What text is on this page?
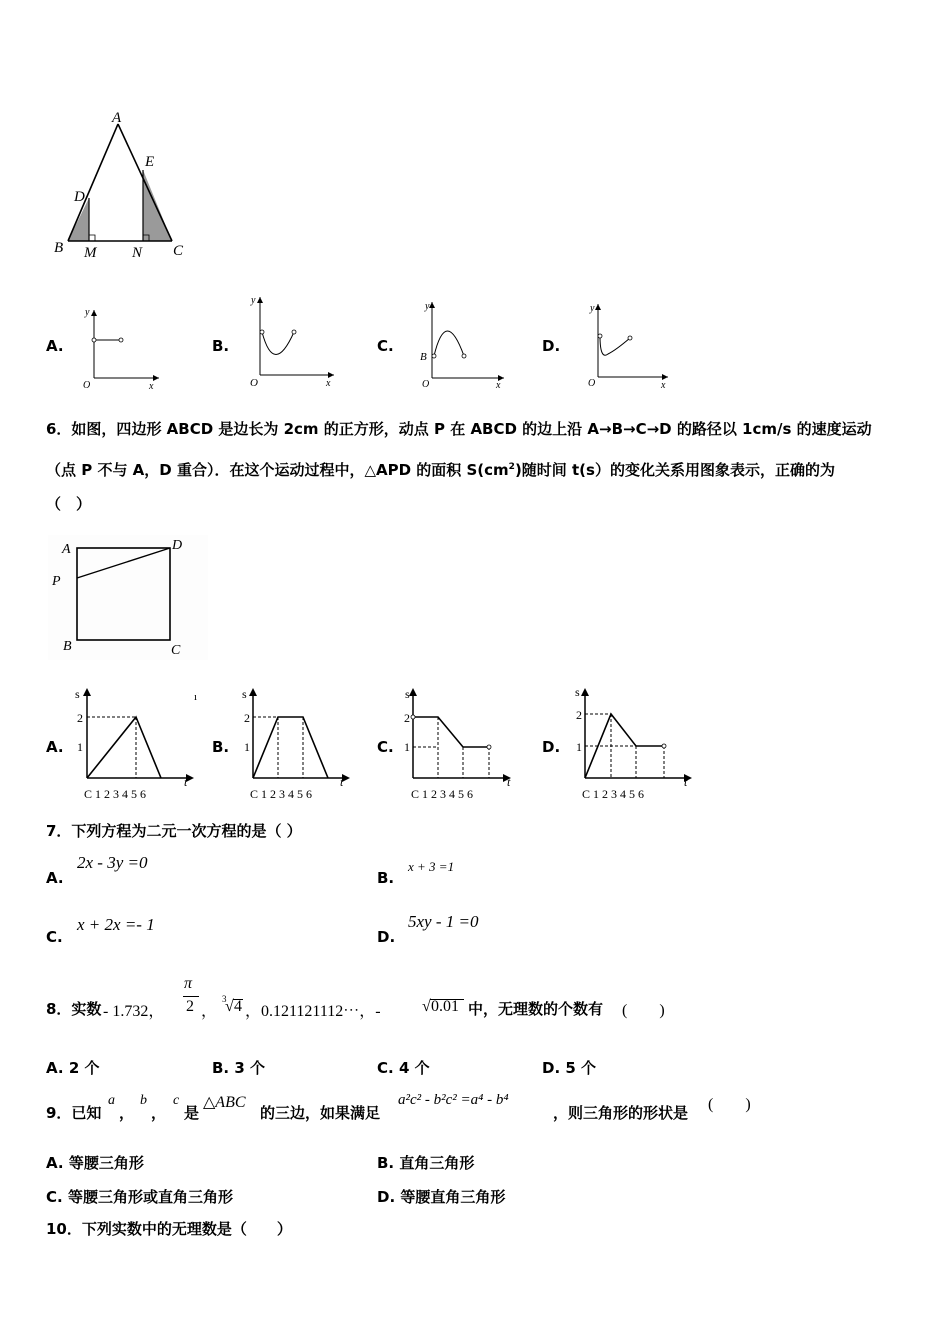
A
E
D
B M N C
A.
y
O	x
B.
y
O	x
C.
y
B
O	x
D.
y
O	x
6．如图，四边形 ABCD 是边长为 2cm 的正方形，动点 P 在 ABCD 的边上沿 A→B→C→D 的路径以 1cm/s 的速度运动
（点 P 不与 A，D 重合）．在这个运动过程中，△APD 的面积 $S(cm^2)$随时间 t(s）的变化关系用图象表示，正确的为
（　）
A	D
P
B	C
A.
s
2
1
t
C 1 2 3 4 5 6
ı
B.
s
2
1
t
C 1 2 3 4 5 6
C.
s
2
1
t
C 1 2 3 4 5 6
D.
s
2
1
t
C 1 2 3 4 5 6
7．下列方程为二元一次方程的是（ ）
A.
2x - 3y =0
B.
x + 3 =1
C.
x + 2x =- 1
D.
5xy - 1 =0
8．实数 - 1.732，
π
2 ，
3
√ 4 ，0.121121112⋯，-	√ 0.01 中，无理数的个数有 (　　)
A. 2 个	B. 3 个	C. 4 个	D. 5 个
9．已知
a
，
b
，
c
是
△ABC
的三边，如果满足
a²c² - b²c² =a⁴ - b⁴
，则三角形的形状是 (　　)
A. 等腰三角形	B. 直角三角形
C. 等腰三角形或直角三角形	D. 等腰直角三角形
10．下列实数中的无理数是（　　）
